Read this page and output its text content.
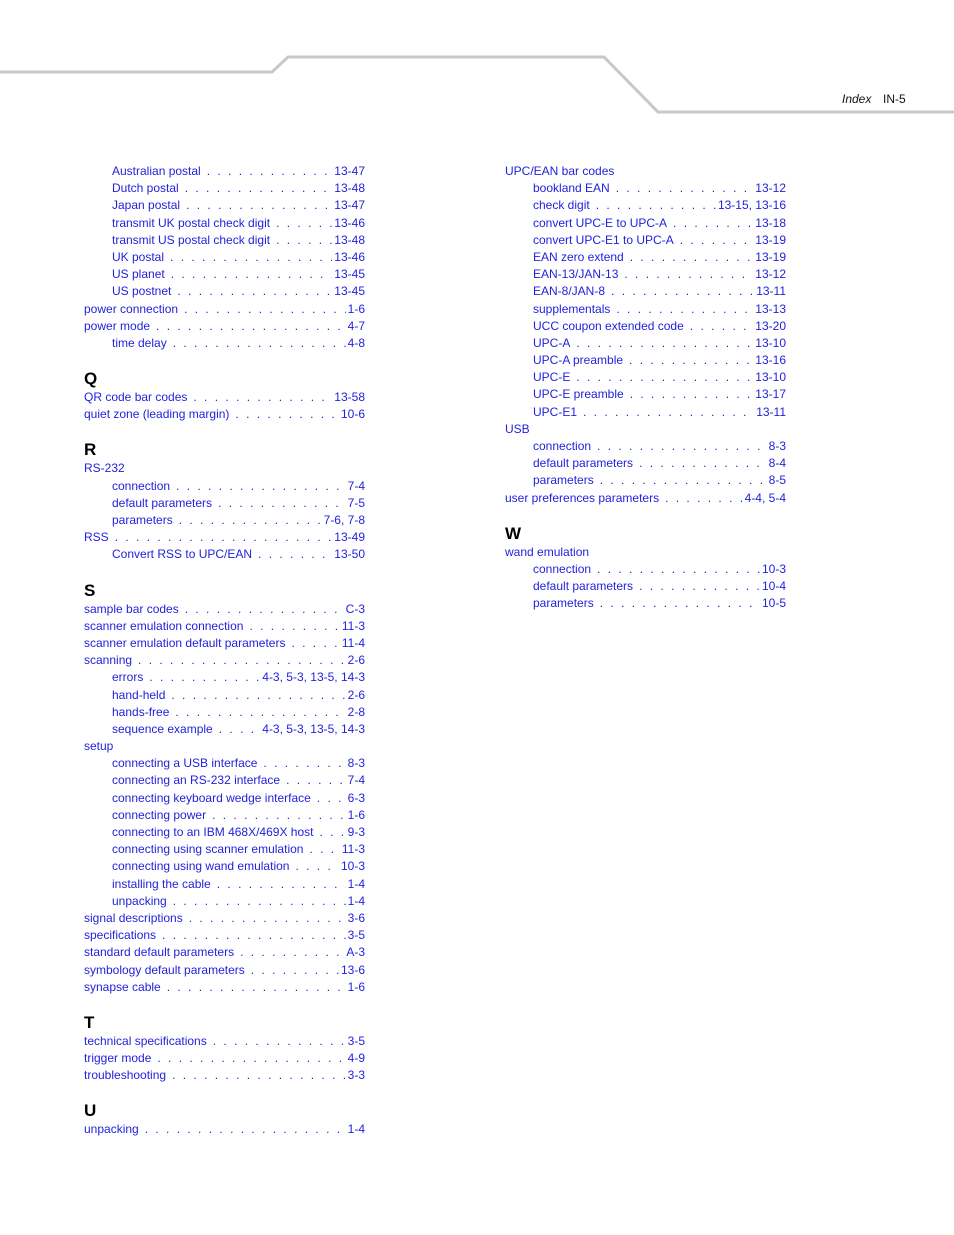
Index IN-5
Australian postal . . .	13-47
Dutch postal . . .	13-48
Japan postal . . .	13-47
transmit UK postal check digit . . .	13-46
transmit US postal check digit . . .	13-48
UK postal . . .	13-46
US planet . . .	13-45
US postnet . . .	13-45
power connection . . .	1-6
power mode . . .	4-7
time delay . . .	4-8
Q
QR code bar codes . . .	13-58
quiet zone (leading margin) . . .	10-6
R
RS-232
connection . . .	7-4
default parameters . . .	7-5
parameters . . .	7-6, 7-8
RSS . . .	13-49
Convert RSS to UPC/EAN . . .	13-50
S
sample bar codes . . .	C-3
scanner emulation connection . . .	11-3
scanner emulation default parameters . . .	11-4
scanning . . .	2-6
errors . . .	4-3, 5-3, 13-5, 14-3
hand-held . . .	2-6
hands-free . . .	2-8
sequence example . . .	4-3, 5-3, 13-5, 14-3
setup
connecting a USB interface . . .	8-3
connecting an RS-232 interface . . .	7-4
connecting keyboard wedge interface . . .	6-3
connecting power . . .	1-6
connecting to an IBM 468X/469X host . . .	9-3
connecting using scanner emulation . . .	11-3
connecting using wand emulation . . .	10-3
installing the cable . . .	1-4
unpacking . . .	1-4
signal descriptions . . .	3-6
specifications . . .	3-5
standard default parameters . . .	A-3
symbology default parameters . . .	13-6
synapse cable . . .	1-6
T
technical specifications . . .	3-5
trigger mode . . .	4-9
troubleshooting . . .	3-3
U
unpacking . . .	1-4
UPC/EAN bar codes
bookland EAN . . .	13-12
check digit . . .	13-15, 13-16
convert UPC-E to UPC-A . . .	13-18
convert UPC-E1 to UPC-A . . .	13-19
EAN zero extend . . .	13-19
EAN-13/JAN-13 . . .	13-12
EAN-8/JAN-8 . . .	13-11
supplementals . . .	13-13
UCC coupon extended code . . .	13-20
UPC-A . . .	13-10
UPC-A preamble . . .	13-16
UPC-E . . .	13-10
UPC-E preamble . . .	13-17
UPC-E1 . . .	13-11
USB
connection . . .	8-3
default parameters . . .	8-4
parameters . . .	8-5
user preferences parameters . . .	4-4, 5-4
W
wand emulation
connection . . .	10-3
default parameters . . .	10-4
parameters . . .	10-5
